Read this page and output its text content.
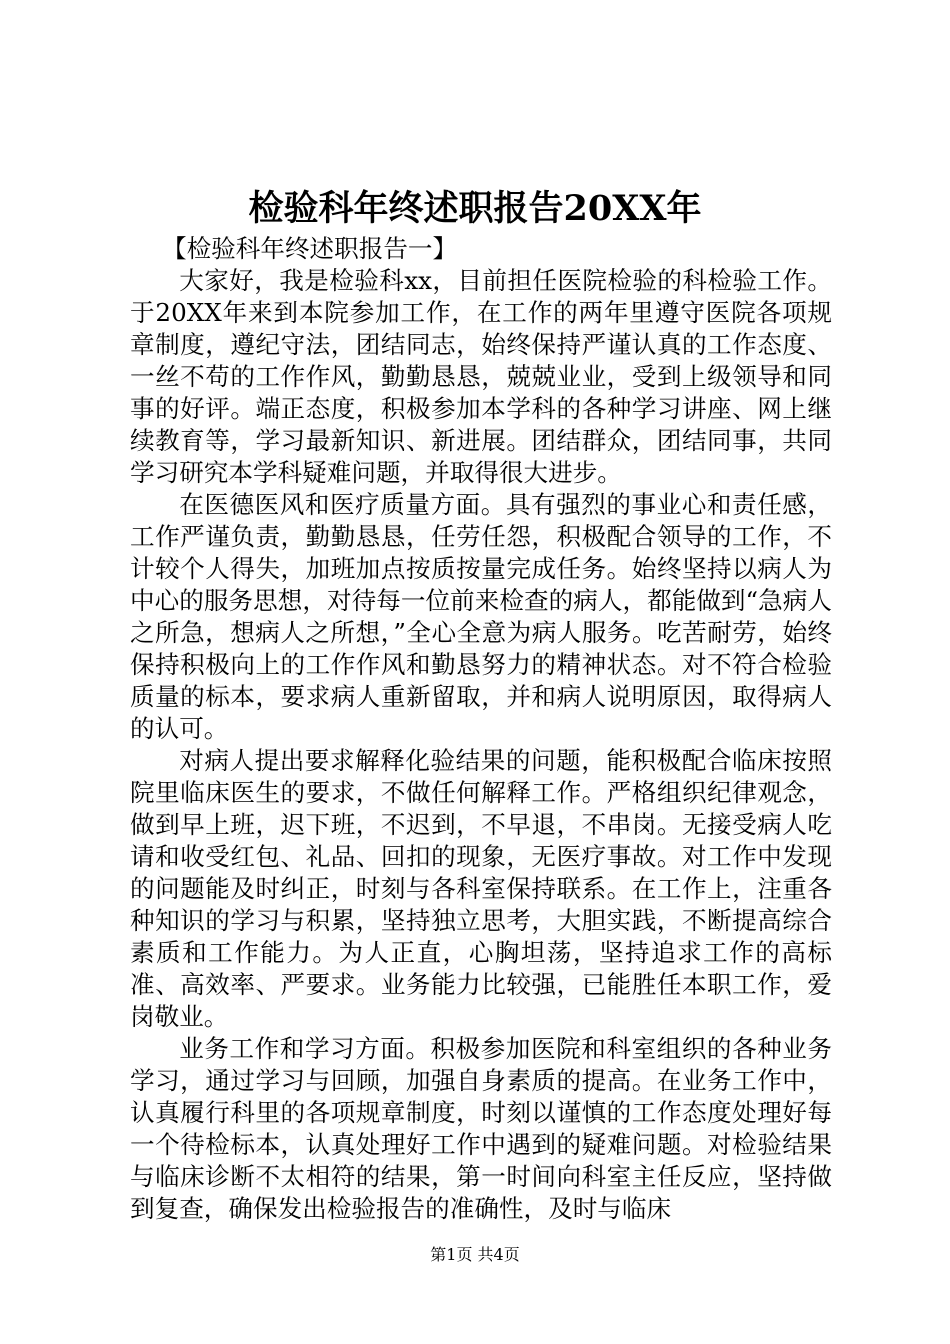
检验科年终述职报告20XX年

【检验科年终述职报告一】

大家好，我是检验科xx，目前担任医院检验的科检验工作。于20XX年来到本院参加工作，在工作的两年里遵守医院各项规章制度，遵纪守法，团结同志，始终保持严谨认真的工作态度、一丝不苟的工作作风，勤勤恳恳，兢兢业业，受到上级领导和同事的好评。端正态度，积极参加本学科的各种学习讲座、网上继续教育等，学习最新知识、新进展。团结群众，团结同事，共同学习研究本学科疑难问题，并取得很大进步。

在医德医风和医疗质量方面。具有强烈的事业心和责任感，工作严谨负责，勤勤恳恳，任劳任怨，积极配合领导的工作，不计较个人得失，加班加点按质按量完成任务。始终坚持以病人为中心的服务思想，对待每一位前来检查的病人，都能做到“急病人之所急，想病人之所想，”全心全意为病人服务。吃苦耐劳，始终保持积极向上的工作作风和勤恳努力的精神状态。对不符合检验质量的标本，要求病人重新留取，并和病人说明原因，取得病人的认可。

对病人提出要求解释化验结果的问题，能积极配合临床按照院里临床医生的要求，不做任何解释工作。严格组织纪律观念，做到早上班，迟下班，不迟到，不早退，不串岗。无接受病人吃请和收受红包、礼品、回扣的现象，无医疗事故。对工作中发现的问题能及时纠正，时刻与各科室保持联系。在工作上，注重各种知识的学习与积累，坚持独立思考，大胆实践，不断提高综合素质和工作能力。为人正直，心胸坦荡，坚持追求工作的高标准、高效率、严要求。业务能力比较强，已能胜任本职工作，爱岗敬业。

业务工作和学习方面。积极参加医院和科室组织的各种业务学习，通过学习与回顾，加强自身素质的提高。在业务工作中，认真履行科里的各项规章制度，时刻以谨慎的工作态度处理好每一个待检标本，认真处理好工作中遇到的疑难问题。对检验结果与临床诊断不太相符的结果，第一时间向科室主任反应，坚持做到复查，确保发出检验报告的准确性，及时与临床

第1页 共4页
